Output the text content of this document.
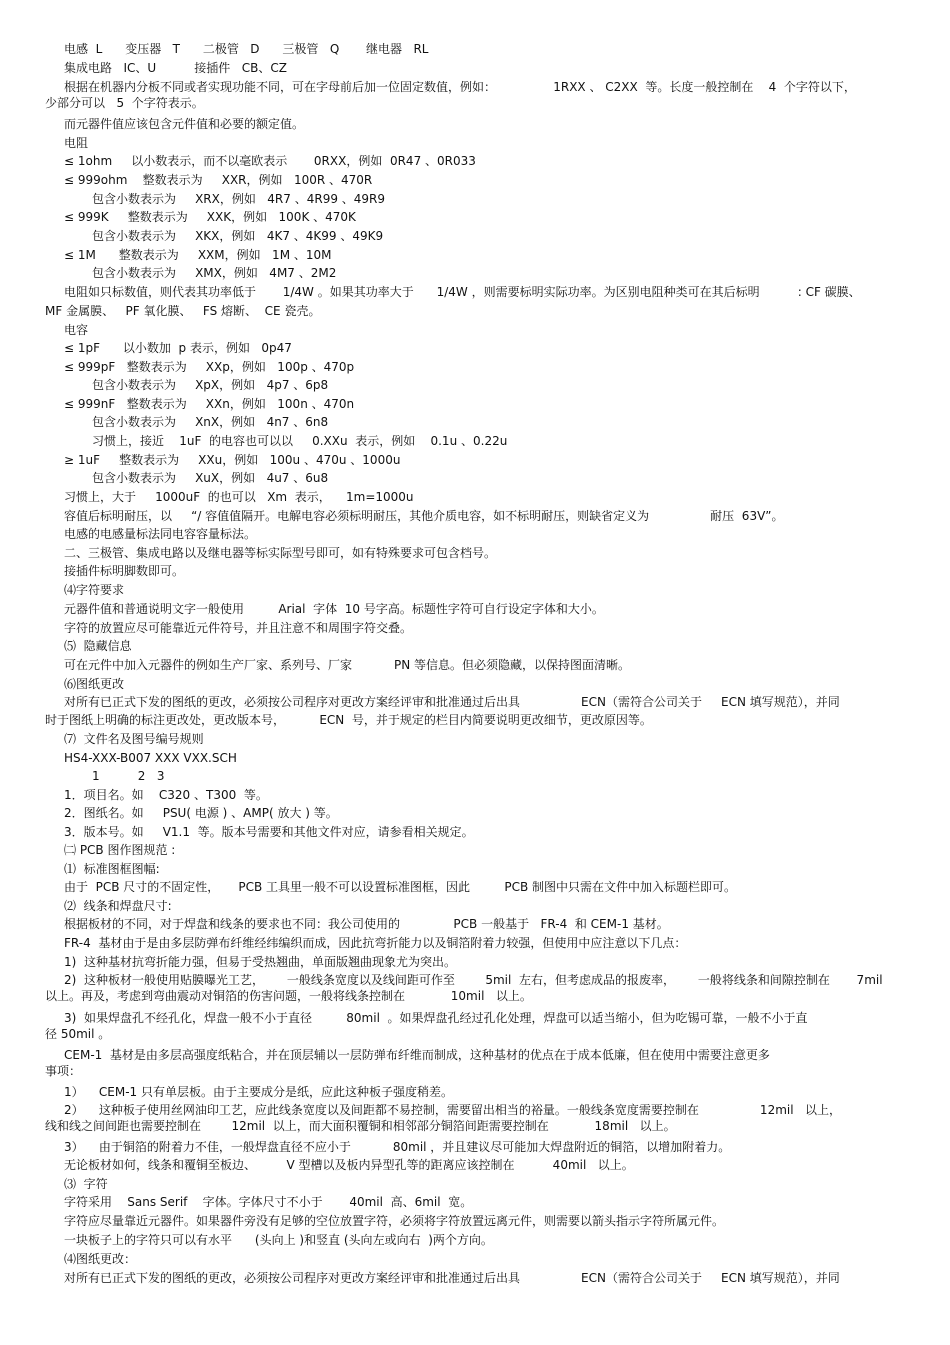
电感  L      变压器   T      二极管   D      三极管   Q       继电器   RL
集成电路   IC、U          接插件   CB、CZ
根据在机器内分板不同或者实现功能不同，可在字母前后加一位固定数值，例如：               1RXX 、 C2XX  等。长度一般控制在    4  个字符以下，
少部分可以   5  个字符表示。
而元器件值应该包含元件值和必要的额定值。
电阻
≤ 1ohm     以小数表示，而不以毫欧表示       0RXX，例如  0R47 、0R033
≤ 999ohm    整数表示为     XXR，例如   100R 、470R
包含小数表示为     XRX，例如   4R7 、4R99 、49R9
≤ 999K     整数表示为     XXK，例如   100K 、470K
包含小数表示为     XKX，例如   4K7 、4K99 、49K9
≤ 1M      整数表示为     XXM，例如   1M 、10M
包含小数表示为     XMX，例如   4M7 、2M2
电阻如只标数值，则代表其功率低于       1/4W 。如果其功率大于      1/4W ，则需要标明实际功率。为区别电阻种类可在其后标明          : CF 碳膜、
MF 金属膜、   PF 氧化膜、   FS 熔断、  CE 瓷壳。
电容
≤ 1pF      以小数加  p 表示，例如   0p47
≤ 999pF   整数表示为     XXp，例如   100p 、470p
包含小数表示为     XpX，例如   4p7 、6p8
≤ 999nF   整数表示为     XXn，例如   100n 、470n
包含小数表示为     XnX，例如   4n7 、6n8
习惯上，接近    1uF  的电容也可以以     0.XXu  表示，例如    0.1u 、0.22u
≥ 1uF     整数表示为     XXu，例如   100u 、470u 、1000u
包含小数表示为     XuX，例如   4u7 、6u8
习惯上，大于     1000uF  的也可以   Xm  表示，    1m=1000u
容值后标明耐压，以     “/ 容值值隔开。电解电容必须标明耐压，其他介质电容，如不标明耐压，则缺省定义为                耐压  63V”。
电感的电感量标法同电容容量标法。
二、三极管、集成电路以及继电器等标实际型号即可，如有特殊要求可包含档号。
接插件标明脚数即可。
⑷字符要求
元器件值和普通说明文字一般使用         Arial  字体  10 号字高。标题性字符可自行设定字体和大小。
字符的放置应尽可能靠近元件符号，并且注意不和周围字符交叠。
⑸  隐藏信息
可在元件中加入元器件的例如生产厂家、系列号、厂家           PN 等信息。但必须隐藏，以保持图面清晰。
⑹图纸更改
对所有已正式下发的图纸的更改，必须按公司程序对更改方案经评审和批准通过后出具                ECN（需符合公司关于     ECN 填写规范），并同
时于图纸上明确的标注更改处，更改版本号，         ECN  号，并于规定的栏目内简要说明更改细节，更改原因等。
⑺  文件名及图号编号规则
HS4-XXX-B007 XXX VXX.SCH
1          2   3
1．项目名。如    C320 、T300  等。
2．图纸名。如     PSU( 电源 ) 、AMP( 放大 ) 等。
3．版本号。如     V1.1  等。版本号需要和其他文件对应，请参看相关规定。
㈡ PCB 图作图规范 :
⑴  标准图框图幅:
由于  PCB 尺寸的不固定性，     PCB 工具里一般不可以设置标准图框，因此         PCB 制图中只需在文件中加入标题栏即可。
⑵  线条和焊盘尺寸:
根据板材的不同，对于焊盘和线条的要求也不同：我公司使用的              PCB 一般基于   FR-4  和 CEM-1 基材。
FR-4  基材由于是由多层防弹布纤维经纬编织而成，因此抗弯折能力以及铜箔附着力较强，但使用中应注意以下几点：
1)  这种基材抗弯折能力强，但易于受热翘曲，单面版翘曲现象尤为突出。
2)  这种板材一般使用贴膜曝光工艺，      一般线条宽度以及线间距可作至        5mil  左右，但考虑成品的报废率，      一般将线条和间隙控制在       7mil
以上。再及，考虑到弯曲震动对铜箔的伤害问题，一般将线条控制在            10mil   以上。
3)  如果焊盘孔不经孔化，焊盘一般不小于直径         80mil  。如果焊盘孔经过孔化处理，焊盘可以适当缩小，但为吃锡可靠，一般不小于直
径 50mil 。
CEM-1  基材是由多层高强度纸粘合，并在顶层辅以一层防弹布纤维而制成，这种基材的优点在于成本低廉，但在使用中需要注意更多
事项：
1）    CEM-1 只有单层板。由于主要成分是纸，应此这种板子强度稍差。
2）    这种板子使用丝网油印工艺，应此线条宽度以及间距都不易控制，需要留出相当的裕量。一般线条宽度需要控制在                12mil   以上，
线和线之间间距也需要控制在        12mil  以上，而大面积覆铜和相邻部分铜箔间距需要控制在            18mil   以上。
3）    由于铜箔的附着力不佳，一般焊盘直径不应小于           80mil ，并且建议尽可能加大焊盘附近的铜箔，以增加附着力。
无论板材如何，线条和覆铜至板边、        V 型槽以及板内异型孔等的距离应该控制在          40mil   以上。
⑶  字符
字符采用    Sans Serif    字体。字体尺寸不小于       40mil  高、6mil  宽。
字符应尽量靠近元器件。如果器件旁没有足够的空位放置字符，必须将字符放置远离元件，则需要以箭头指示字符所属元件。
一块板子上的字符只可以有水平      (头向上 )和竖直 (头向左或向右  )两个方向。
⑷图纸更改：
对所有已正式下发的图纸的更改，必须按公司程序对更改方案经评审和批准通过后出具                ECN（需符合公司关于     ECN 填写规范），并同
